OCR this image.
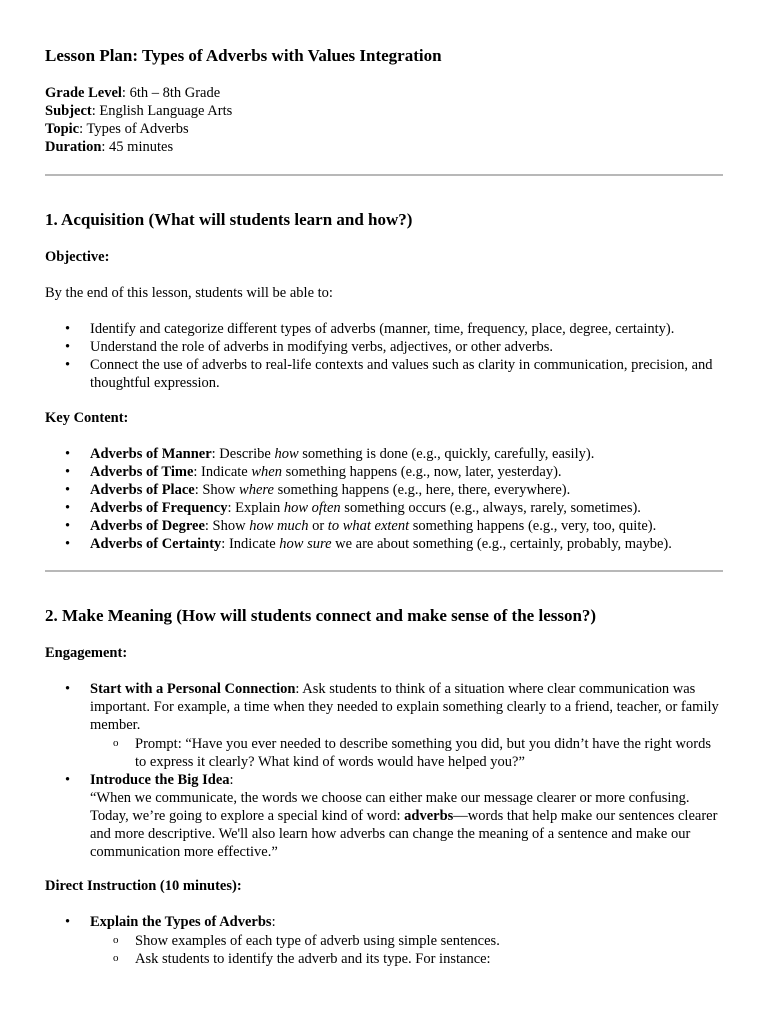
Lesson Plan: Types of Adverbs with Values Integration
Grade Level: 6th – 8th Grade
Subject: English Language Arts
Topic: Types of Adverbs
Duration: 45 minutes
1. Acquisition (What will students learn and how?)
Objective:
By the end of this lesson, students will be able to:
• Identify and categorize different types of adverbs (manner, time, frequency, place, degree, certainty).
• Understand the role of adverbs in modifying verbs, adjectives, or other adverbs.
• Connect the use of adverbs to real-life contexts and values such as clarity in communication, precision, and thoughtful expression.
Key Content:
• Adverbs of Manner: Describe how something is done (e.g., quickly, carefully, easily).
• Adverbs of Time: Indicate when something happens (e.g., now, later, yesterday).
• Adverbs of Place: Show where something happens (e.g., here, there, everywhere).
• Adverbs of Frequency: Explain how often something occurs (e.g., always, rarely, sometimes).
• Adverbs of Degree: Show how much or to what extent something happens (e.g., very, too, quite).
• Adverbs of Certainty: Indicate how sure we are about something (e.g., certainly, probably, maybe).
2. Make Meaning (How will students connect and make sense of the lesson?)
Engagement:
• Start with a Personal Connection: Ask students to think of a situation where clear communication was important. For example, a time when they needed to explain something clearly to a friend, teacher, or family member.
o Prompt: “Have you ever needed to describe something you did, but you didn’t have the right words to express it clearly? What kind of words would have helped you?”
• Introduce the Big Idea:
“When we communicate, the words we choose can either make our message clearer or more confusing. Today, we’re going to explore a special kind of word: adverbs—words that help make our sentences clearer and more descriptive. We'll also learn how adverbs can change the meaning of a sentence and make our communication more effective.”
Direct Instruction (10 minutes):
• Explain the Types of Adverbs:
o Show examples of each type of adverb using simple sentences.
o Ask students to identify the adverb and its type. For instance:
